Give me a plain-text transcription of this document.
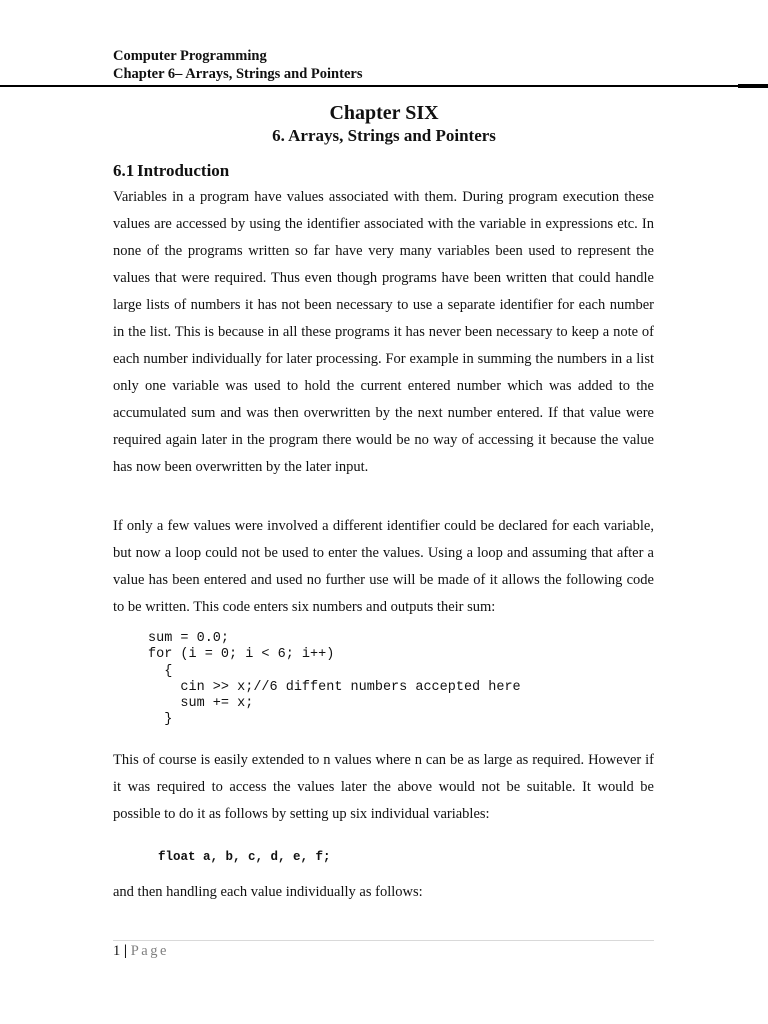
Computer Programming
Chapter 6– Arrays, Strings and Pointers
Chapter SIX
6. Arrays, Strings and Pointers
6.1 Introduction

Variables in a program have values associated with them. During program execution these values are accessed by using the identifier associated with the variable in expressions etc. In none of the programs written so far have very many variables been used to represent the values that were required. Thus even though programs have been written that could handle large lists of numbers it has not been necessary to use a separate identifier for each number in the list. This is because in all these programs it has never been necessary to keep a note of each number individually for later processing. For example in summing the numbers in a list only one variable was used to hold the current entered number which was added to the accumulated sum and was then overwritten by the next number entered. If that value were required again later in the program there would be no way of accessing it because the value has now been overwritten by the later input.

If only a few values were involved a different identifier could be declared for each variable, but now a loop could not be used to enter the values. Using a loop and assuming that after a value has been entered and used no further use will be made of it allows the following code to be written. This code enters six numbers and outputs their sum:

sum = 0.0;
for (i = 0; i < 6; i++)
{
cin >> x;//6 diffent numbers accepted here
sum += x;
}

This of course is easily extended to n values where n can be as large as required. However if it was required to access the values later the above would not be suitable. It would be possible to do it as follows by setting up six individual variables:

float a, b, c, d, e, f;

and then handling each value individually as follows:

1 | Page
